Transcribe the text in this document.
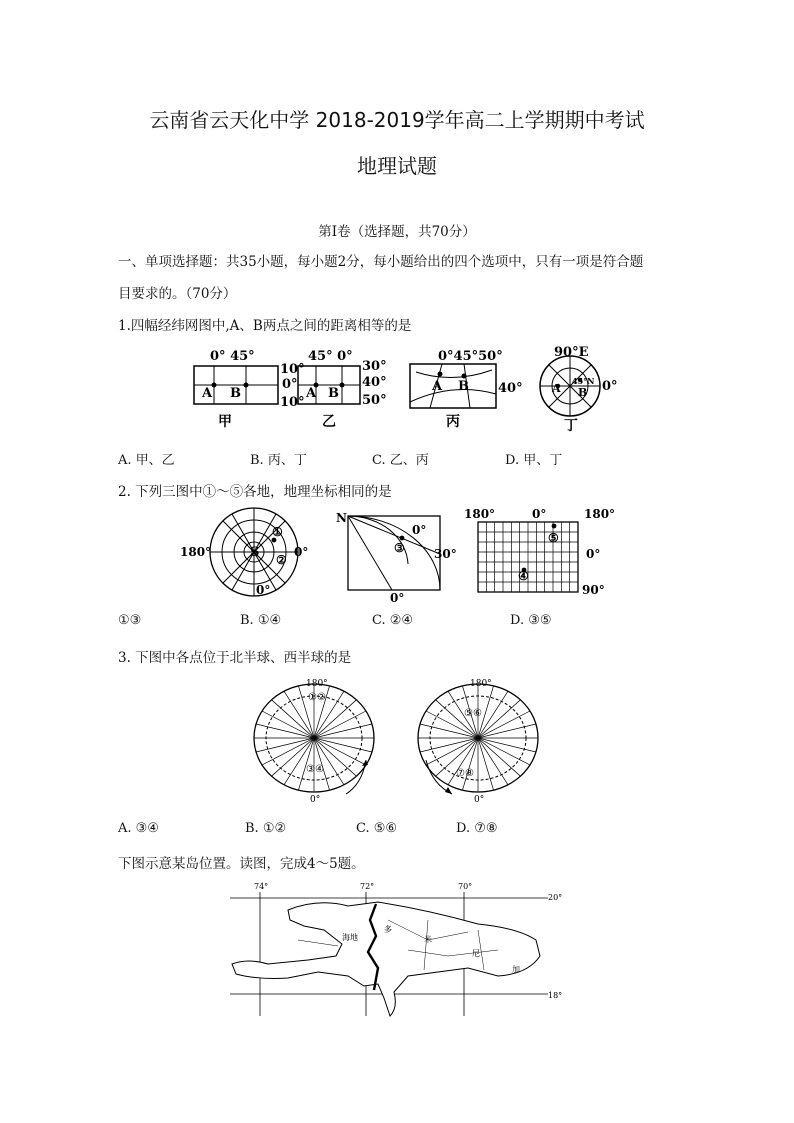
云南省云天化中学 2018-2019学年高二上学期期中考试
地理试题
第Ⅰ卷（选择题，共70分）
一、单项选择题：共35小题，每小题2分，每小题给出的四个选项中，只有一项是符合题
目要求的。（70分）
1.四幅经纬网图中,A、B两点之间的距离相等的是
0° 45°
A B
10°
0°
10°
甲
45° 0°
A B
30°
40°
50°
乙
0°45°50°
A B 40°
丙
90°E
A B
45°N 0°
丁
A. 甲、乙	B. 丙、丁	C. 乙、丙	D. 甲、丁
2. 下列三图中①～⑤各地，地理坐标相同的是
S
180°	0°
0°
①
②
N
③
0°
30°
0°
180°	0°	180°
⑤
④
0°
90°
①③	B. ①④	C. ②④	D. ③⑤
3. 下图中各点位于北半球、西半球的是
180°
0°
①②
③④
180°
0°
⑤⑥
⑦⑧
A. ③④	B. ①②	C. ⑤⑥	D. ⑦⑧
下图示意某岛位置。读图，完成4～5题。
74°	72°	70°
20°
18°
海地
多
米
尼
加
